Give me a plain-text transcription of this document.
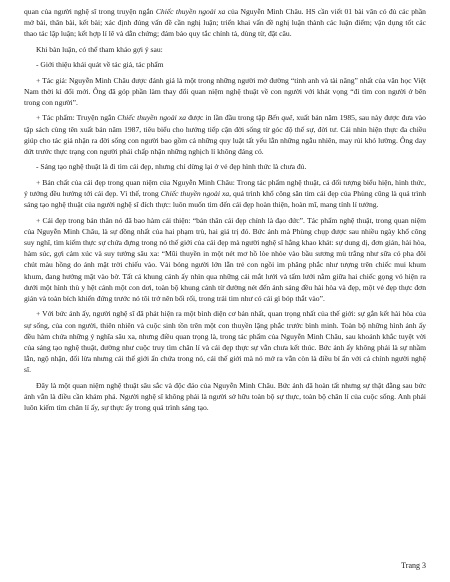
quan của người nghệ sĩ trong truyện ngắn Chiếc thuyền ngoài xa của Nguyễn Minh Châu. HS cần viết 01 bài văn có đủ các phần mở bài, thân bài, kết bài; xác định đúng vấn đề cần nghị luận; triển khai vấn đề nghị luận thành các luận điểm; vận dụng tốt các thao tác lập luận; kết hợp lí lẽ và dẫn chứng; đảm bảo quy tắc chính tả, dùng từ, đặt câu.

Khi bàn luận, có thể tham khảo gợi ý sau:

- Giới thiệu khái quát về tác giả, tác phẩm

+ Tác giả: Nguyễn Minh Châu được đánh giá là một trong những người mở đường “tinh anh và tài năng” nhất của văn học Việt Nam thời kì đổi mới. Ông đã góp phần làm thay đổi quan niệm nghệ thuật về con người với khát vọng “đi tìm con người ở bên trong con người”.

+ Tác phẩm: Truyện ngắn Chiếc thuyền ngoài xa được in lần đầu trong tập Bến quê, xuất bản năm 1985, sau này được đưa vào tập sách cùng tên xuất bản năm 1987, tiêu biểu cho hướng tiếp cận đời sống từ góc độ thế sự, đời tư. Cái nhìn hiện thực đa chiều giúp cho tác giả nhận ra đời sống con người bao gồm cả những quy luật tất yếu lẫn những ngẫu nhiên, may rủi khó lường. Ông day dứt trước thực trạng con người phải chấp nhận những nghịch lí không đáng có.

- Sáng tạo nghệ thuật là đi tìm cái đẹp, nhưng chỉ dừng lại ở vẻ đẹp hình thức là chưa đủ.

+ Bản chất của cái đẹp trong quan niệm của Nguyễn Minh Châu: Trong tác phẩm nghệ thuật, cả đối tượng biểu hiện, hình thức, ý tưởng đều hướng tới cái đẹp. Vì thế, trong Chiếc thuyền ngoài xa, quá trình khổ công săn tìm cái đẹp của Phùng cũng là quá trình sáng tạo nghệ thuật của người nghệ sĩ đích thực: luôn muốn tìm đến cái đẹp hoàn thiện, hoàn mĩ, mang tính lí tưởng.

+ Cái đẹp trong bản thân nó đã bao hàm cái thiện: “bản thân cái đẹp chính là đạo đức”. Tác phẩm nghệ thuật, trong quan niệm của Nguyễn Minh Châu, là sự đồng nhất của hai phạm trù, hai giá trị đó. Bức ảnh mà Phùng chụp được sau nhiều ngày khổ công suy nghĩ, tìm kiếm thực sự chứa đựng trong nó thế giới của cái đẹp mà người nghệ sĩ hằng khao khát: sự dung dị, đơn giản, hài hòa, hàm súc, gợi cảm xúc và suy tưởng sâu xa: “Mũi thuyền in một nét mơ hồ lòe nhòe vào bầu sương mù trắng như sữa có pha đôi chút màu hồng do ánh mặt trời chiếu vào. Vài bóng người lớn lẫn trẻ con ngồi im phăng phắc như tượng trên chiếc mui khum khum, đang hướng mặt vào bờ. Tất cả khung cảnh ấy nhìn qua những cái mắt lưới và tấm lưới nằm giữa hai chiếc gọng vó hiện ra dưới một hình thù y hệt cánh một con dơi, toàn bộ khung cảnh từ đường nét đến ánh sáng đều hài hòa và đẹp, một vẻ đẹp thực đơn giản và toàn bích khiến đứng trước nó tôi trở nên bối rối, trong trái tim như có cái gì bóp thắt vào”.

+ Với bức ảnh ấy, người nghệ sĩ đã phát hiện ra một bình diện cơ bản nhất, quan trọng nhất của thế giới: sự gắn kết hài hòa của sự sống, của con người, thiên nhiên và cuộc sinh tồn trên một con thuyền lặng phắc trước bình minh. Toàn bộ những hình ảnh ấy đều hàm chứa những ý nghĩa sâu xa, nhưng điều quan trọng là, trong tác phẩm của Nguyễn Minh Châu, sau khoảnh khắc tuyệt vời của sáng tạo nghệ thuật, đường như cuộc truy tìm chân lí và cái đẹp thực sự vẫn chưa kết thúc. Bức ảnh ấy không phải là sự nhầm lẫn, ngộ nhận, đối lừa nhưng cái thế giới ẩn chứa trong nó, cái thế giới mà nó mở ra vẫn còn là điều bí ẩn với cả chính người nghệ sĩ.

Đây là một quan niệm nghệ thuật sâu sắc và độc đáo của Nguyễn Minh Châu. Bức ảnh đã hoàn tất nhưng sự thật đằng sau bức ảnh vẫn là điều cần khám phá. Người nghệ sĩ không phải là người sở hữu toàn bộ sự thực, toàn bộ chân lí của cuộc sống. Anh phải luôn kiếm tìm chân lí ấy, sự thực ấy trong quá trình sáng tạo.

Trang 3
